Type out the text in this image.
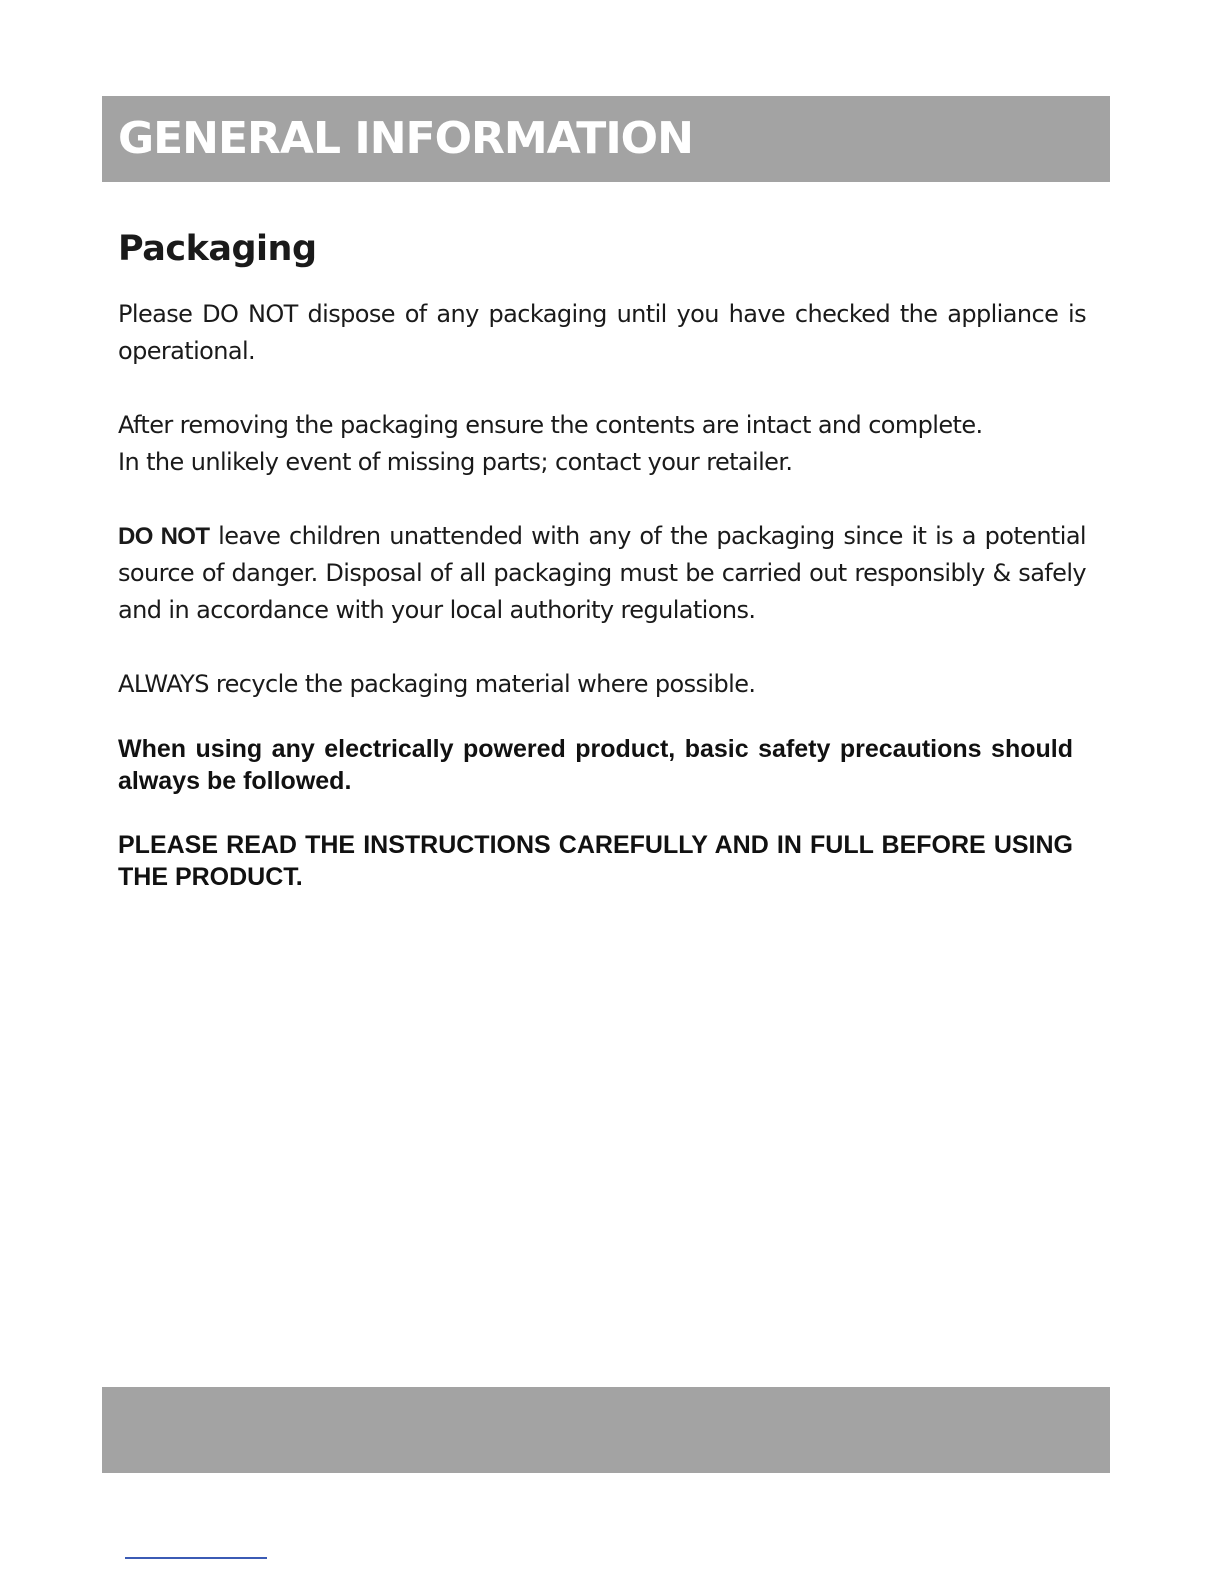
GENERAL INFORMATION
Packaging

Please DO NOT dispose of any packaging until you have checked the appliance is operational.

After removing the packaging ensure the contents are intact and complete.
In the unlikely event of missing parts; contact your retailer.

DO NOT leave children unattended with any of the packaging since it is a potential source of danger. Disposal of all packaging must be carried out responsibly & safely and in accordance with your local authority regulations.

ALWAYS recycle the packaging material where possible.

When using any electrically powered product, basic safety precautions should always be followed.

PLEASE READ THE INSTRUCTIONS CAREFULLY AND IN FULL BEFORE USING THE PRODUCT.
